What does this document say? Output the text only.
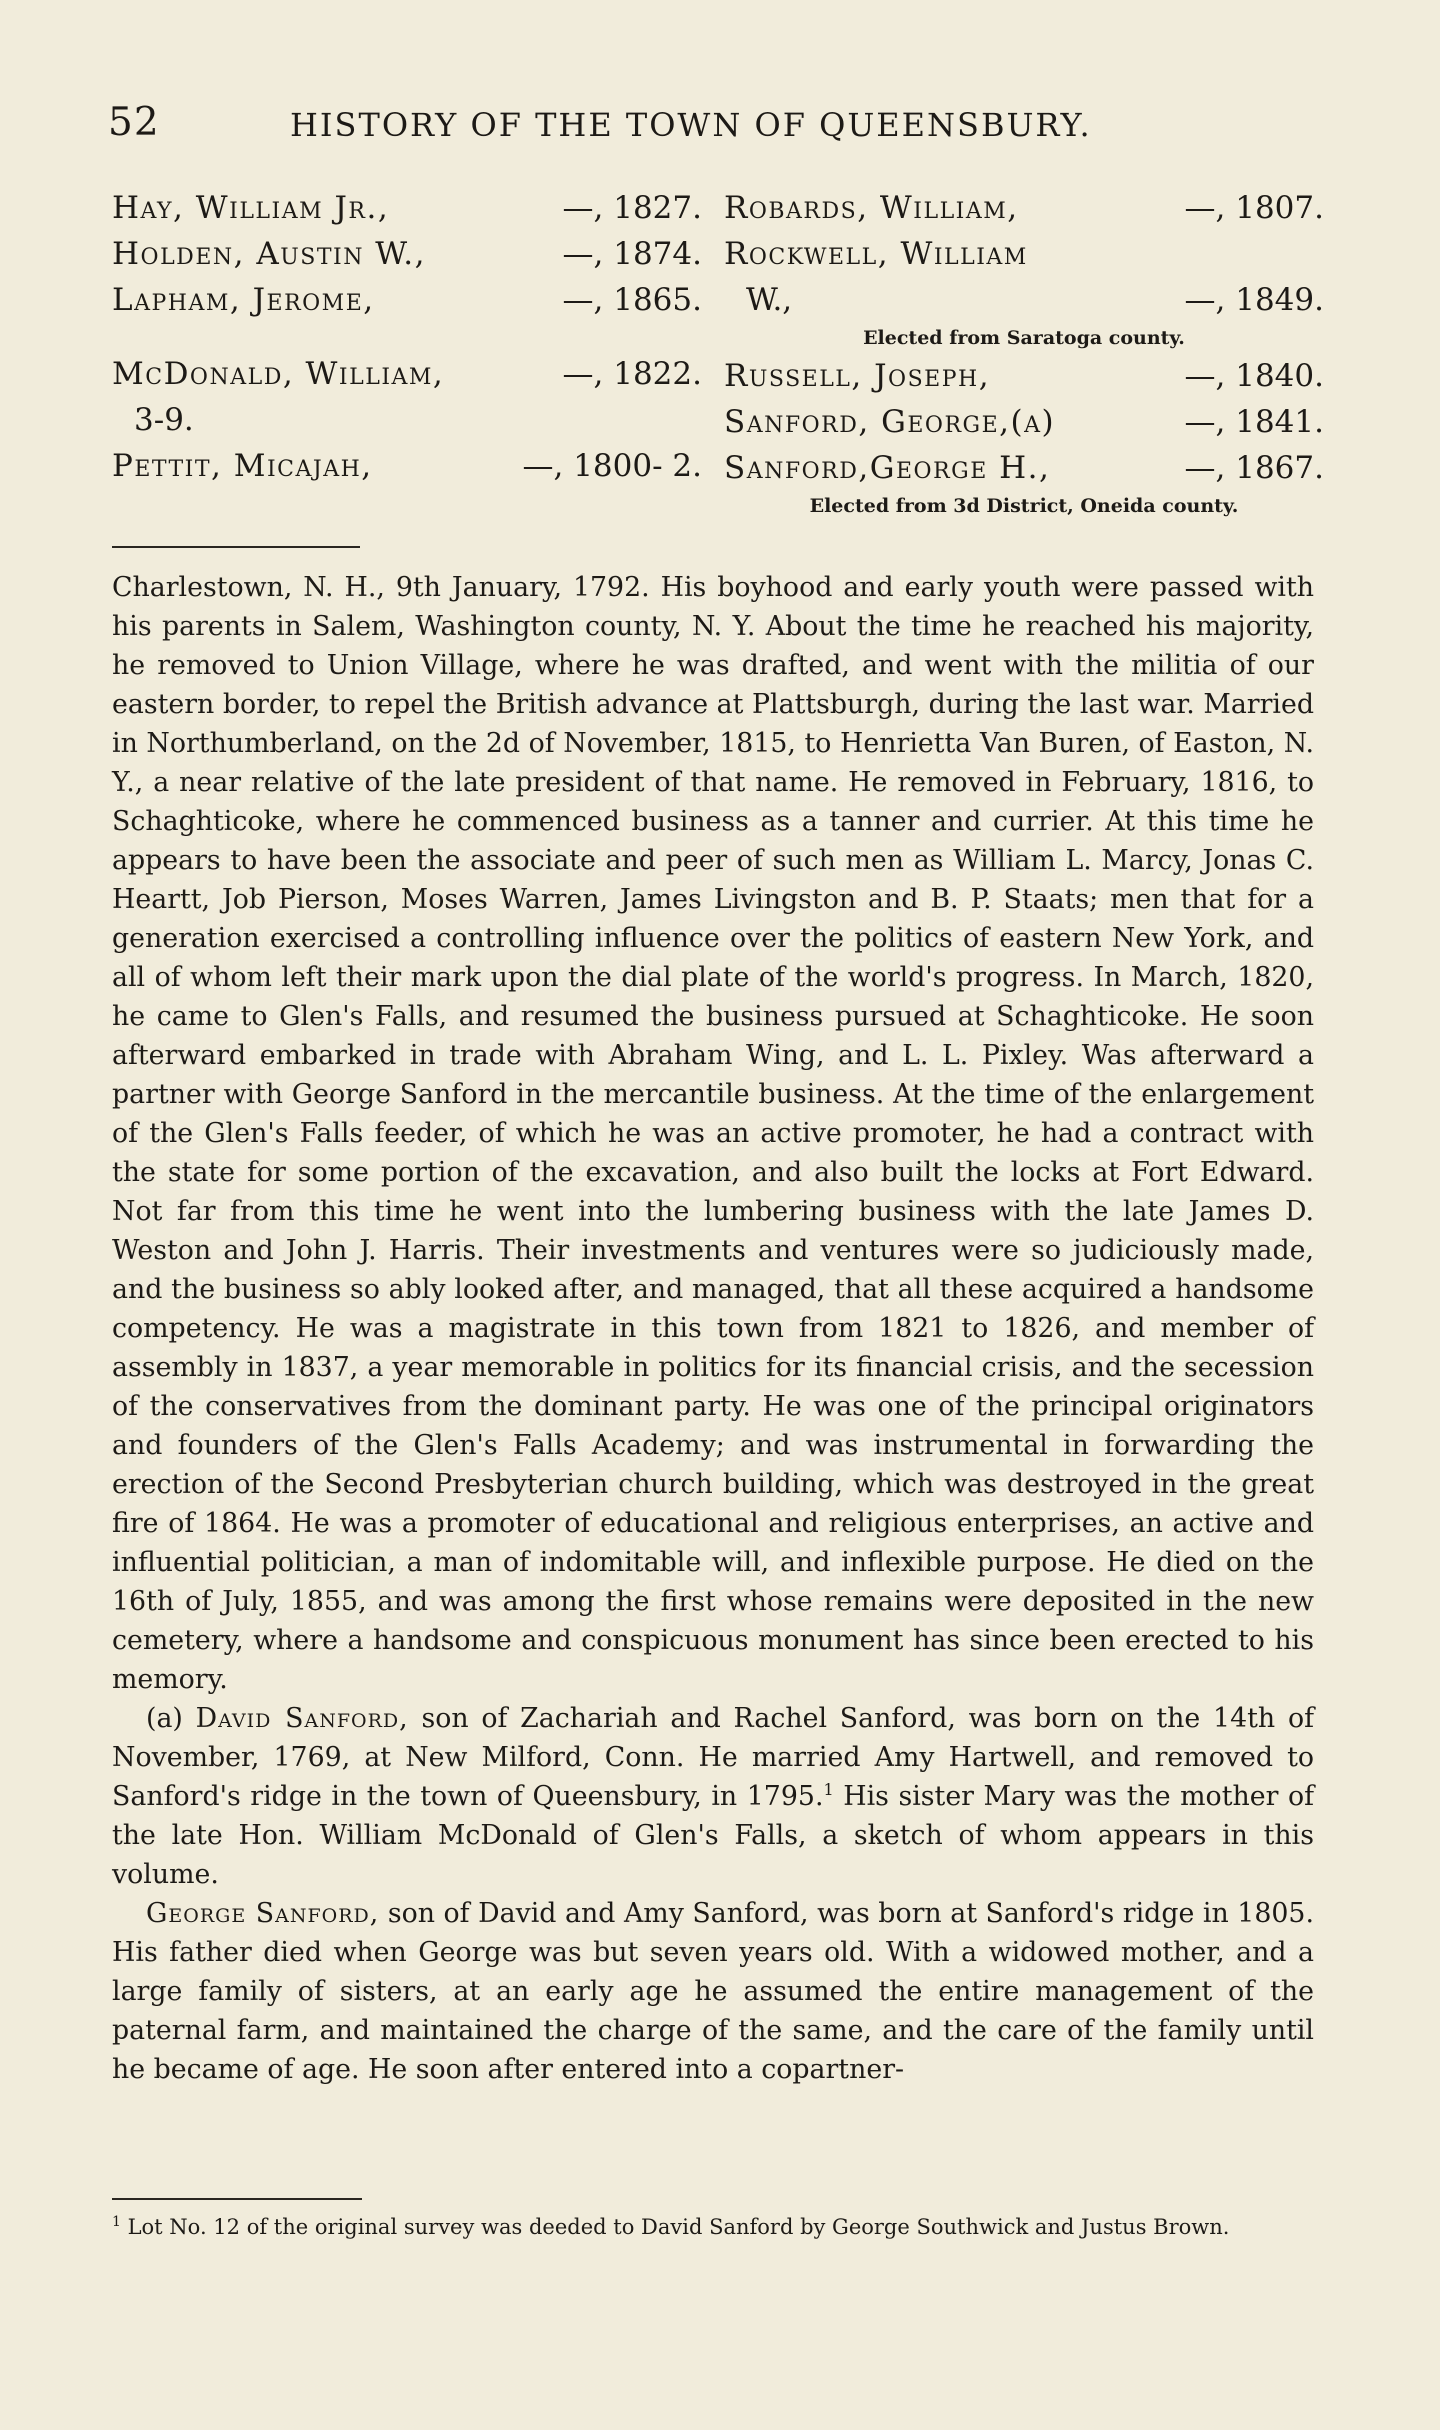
52	HISTORY OF THE TOWN OF QUEENSBURY.
Hay, William Jr.,	—, 1827.
Holden, Austin W.,	—, 1874.
Lapham, Jerome,	—, 1865.
McDonald, William,	—, 1822.
3-9.
Pettit, Micajah,	—, 1800- 2.
Robards, William,	—, 1807.
Rockwell, William
W.,	—, 1849.
Elected from Saratoga county.
Russell, Joseph,	—, 1840.
Sanford, George,(a)	—, 1841.
Sanford,George H.,	—, 1867.
Elected from 3d District, Oneida county.

Charlestown, N. H., 9th January, 1792. His boyhood and early youth were passed with his parents in Salem, Washington county, N. Y. About the time he reached his majority, he removed to Union Village, where he was drafted, and went with the militia of our eastern border, to repel the British advance at Plattsburgh, during the last war. Married in Northumberland, on the 2d of November, 1815, to Henrietta Van Buren, of Easton, N. Y., a near relative of the late president of that name. He removed in February, 1816, to Schaghticoke, where he commenced business as a tanner and currier. At this time he appears to have been the associate and peer of such men as William L. Marcy, Jonas C. Heartt, Job Pierson, Moses Warren, James Livingston and B. P. Staats; men that for a generation exercised a controlling influence over the politics of eastern New York, and all of whom left their mark upon the dial plate of the world's progress. In March, 1820, he came to Glen's Falls, and resumed the business pursued at Schaghticoke. He soon afterward embarked in trade with Abraham Wing, and L. L. Pixley. Was afterward a partner with George Sanford in the mercantile business. At the time of the enlargement of the Glen's Falls feeder, of which he was an active promoter, he had a contract with the state for some portion of the excavation, and also built the locks at Fort Edward. Not far from this time he went into the lumbering business with the late James D. Weston and John J. Harris. Their investments and ventures were so judiciously made, and the business so ably looked after, and managed, that all these acquired a handsome competency. He was a magistrate in this town from 1821 to 1826, and member of assembly in 1837, a year memorable in politics for its financial crisis, and the secession of the conservatives from the dominant party. He was one of the principal originators and founders of the Glen's Falls Academy; and was instrumental in forwarding the erection of the Second Presbyterian church building, which was destroyed in the great fire of 1864. He was a promoter of educational and religious enterprises, an active and influential politician, a man of indomitable will, and inflexible purpose. He died on the 16th of July, 1855, and was among the first whose remains were deposited in the new cemetery, where a handsome and conspicuous monument has since been erected to his memory.

(a) David Sanford, son of Zachariah and Rachel Sanford, was born on the 14th of November, 1769, at New Milford, Conn. He married Amy Hartwell, and removed to Sanford's ridge in the town of Queensbury, in 1795.$^1$ His sister Mary was the mother of the late Hon. William McDonald of Glen's Falls, a sketch of whom appears in this volume.

George Sanford, son of David and Amy Sanford, was born at Sanford's ridge in 1805. His father died when George was but seven years old. With a widowed mother, and a large family of sisters, at an early age he assumed the entire management of the paternal farm, and maintained the charge of the same, and the care of the family until he became of age. He soon after entered into a copartner-

$^1$ Lot No. 12 of the original survey was deeded to David Sanford by George Southwick and Justus Brown.
